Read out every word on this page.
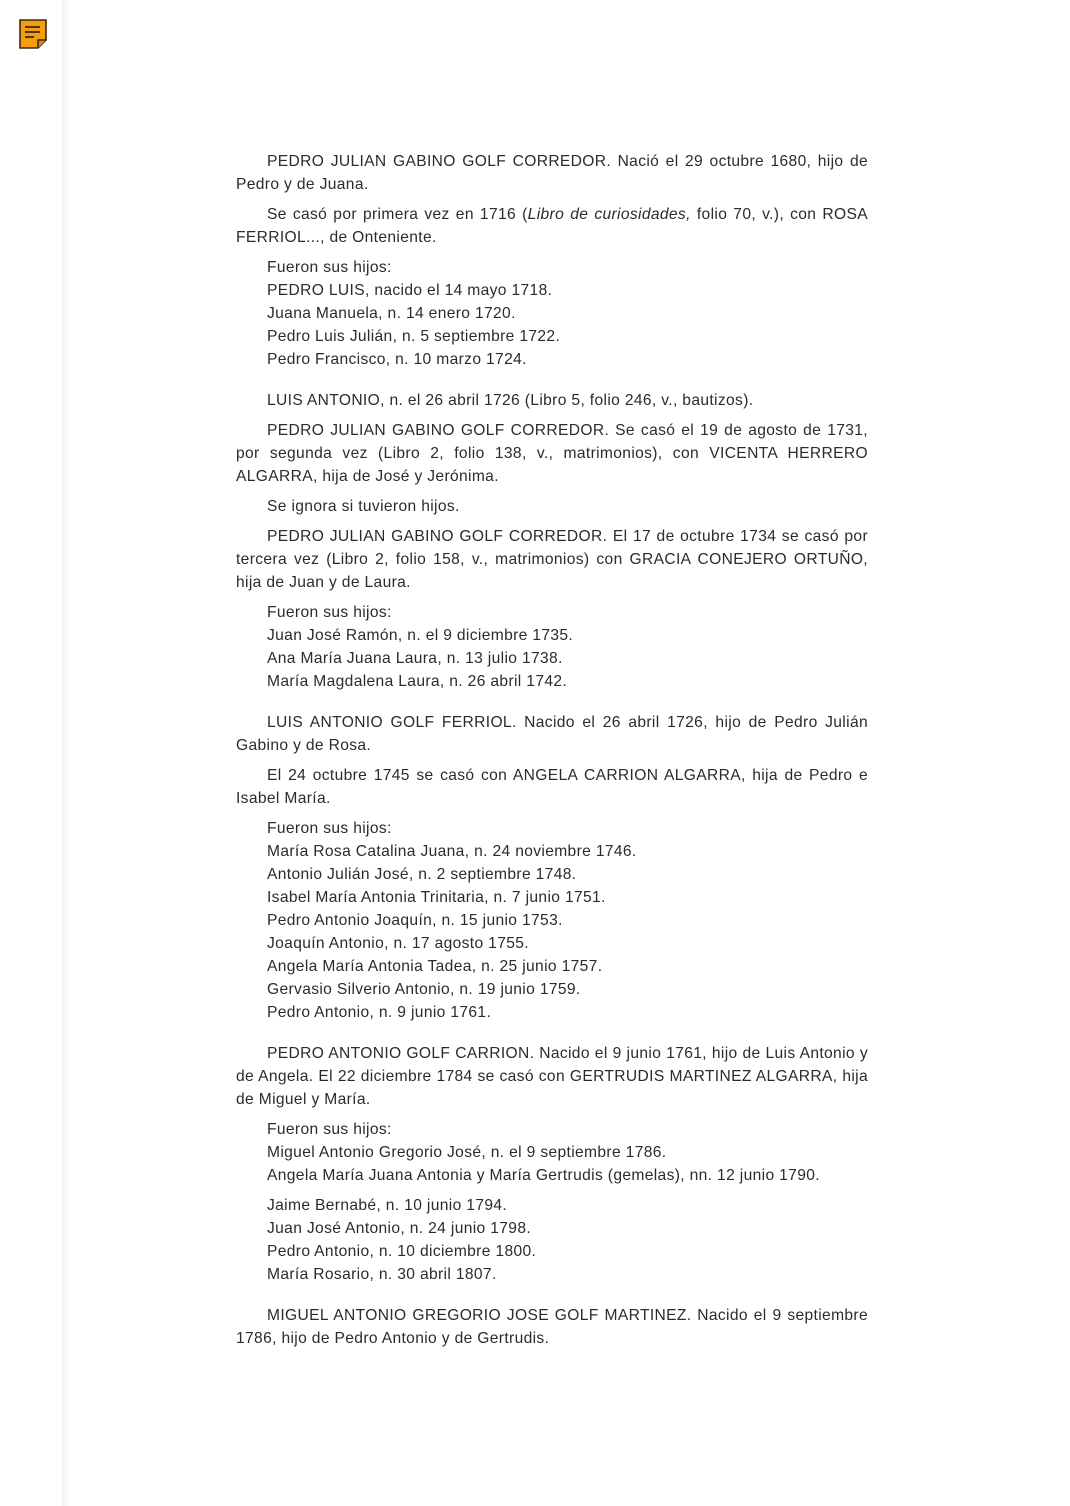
PEDRO JULIAN GABINO GOLF CORREDOR. Nació el 29 octubre 1680, hijo de Pedro y de Juana.

Se casó por primera vez en 1716 (Libro de curiosidades, folio 70, v.), con ROSA FERRIOL..., de Onteniente.

Fueron sus hijos:
PEDRO LUIS, nacido el 14 mayo 1718.
Juana Manuela, n. 14 enero 1720.
Pedro Luis Julián, n. 5 septiembre 1722.
Pedro Francisco, n. 10 marzo 1724.

LUIS ANTONIO, n. el 26 abril 1726 (Libro 5, folio 246, v., bautizos).

PEDRO JULIAN GABINO GOLF CORREDOR. Se casó el 19 de agosto de 1731, por segunda vez (Libro 2, folio 138, v., matrimonios), con VICENTA HERRERO ALGARRA, hija de José y Jerónima.

Se ignora si tuvieron hijos.

PEDRO JULIAN GABINO GOLF CORREDOR. El 17 de octubre 1734 se casó por tercera vez (Libro 2, folio 158, v., matrimonios) con GRACIA CONEJERO ORTUÑO, hija de Juan y de Laura.

Fueron sus hijos:
Juan José Ramón, n. el 9 diciembre 1735.
Ana María Juana Laura, n. 13 julio 1738.
María Magdalena Laura, n. 26 abril 1742.

LUIS ANTONIO GOLF FERRIOL. Nacido el 26 abril 1726, hijo de Pedro Julián Gabino y de Rosa.

El 24 octubre 1745 se casó con ANGELA CARRION ALGARRA, hija de Pedro e Isabel María.

Fueron sus hijos:
María Rosa Catalina Juana, n. 24 noviembre 1746.
Antonio Julián José, n. 2 septiembre 1748.
Isabel María Antonia Trinitaria, n. 7 junio 1751.
Pedro Antonio Joaquín, n. 15 junio 1753.
Joaquín Antonio, n. 17 agosto 1755.
Angela María Antonia Tadea, n. 25 junio 1757.
Gervasio Silverio Antonio, n. 19 junio 1759.
Pedro Antonio, n. 9 junio 1761.

PEDRO ANTONIO GOLF CARRION. Nacido el 9 junio 1761, hijo de Luis Antonio y de Angela. El 22 diciembre 1784 se casó con GERTRUDIS MARTINEZ ALGARRA, hija de Miguel y María.

Fueron sus hijos:
Miguel Antonio Gregorio José, n. el 9 septiembre 1786.

Angela María Juana Antonia y María Gertrudis (gemelas), nn. 12 junio 1790.

Jaime Bernabé, n. 10 junio 1794.
Juan José Antonio, n. 24 junio 1798.
Pedro Antonio, n. 10 diciembre 1800.
María Rosario, n. 30 abril 1807.

MIGUEL ANTONIO GREGORIO JOSE GOLF MARTINEZ. Nacido el 9 septiembre 1786, hijo de Pedro Antonio y de Gertrudis.
